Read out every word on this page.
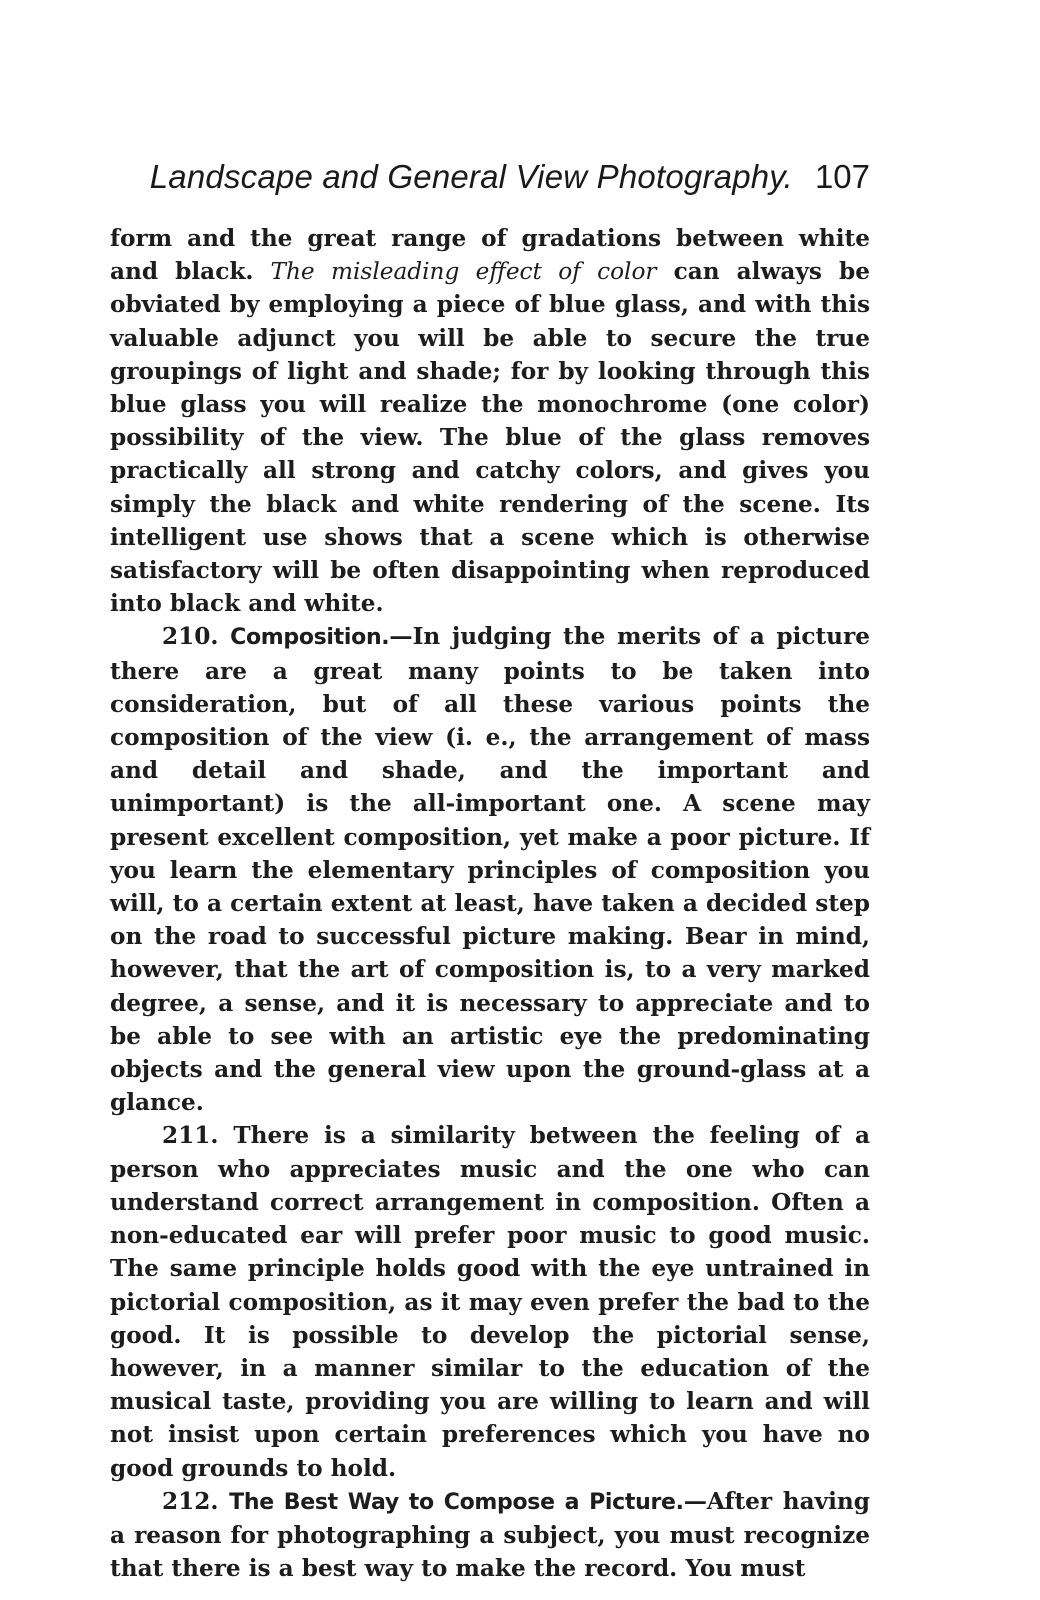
Landscape and General View Photography. 107

form and the great range of gradations between white and black. The misleading effect of color can always be obviated by employing a piece of blue glass, and with this valuable adjunct you will be able to secure the true groupings of light and shade; for by looking through this blue glass you will realize the monochrome (one color) possibility of the view. The blue of the glass removes practically all strong and catchy colors, and gives you simply the black and white rendering of the scene. Its intelligent use shows that a scene which is otherwise satisfactory will be often disappointing when reproduced into black and white.

210. Composition.—In judging the merits of a picture there are a great many points to be taken into consideration, but of all these various points the composition of the view (i. e., the arrangement of mass and detail and shade, and the important and unimportant) is the all-important one. A scene may present excellent composition, yet make a poor picture. If you learn the elementary principles of composition you will, to a certain extent at least, have taken a decided step on the road to successful picture making. Bear in mind, however, that the art of composition is, to a very marked degree, a sense, and it is necessary to appreciate and to be able to see with an artistic eye the predominating objects and the general view upon the ground-glass at a glance.

211. There is a similarity between the feeling of a person who appreciates music and the one who can understand correct arrangement in composition. Often a non-educated ear will prefer poor music to good music. The same principle holds good with the eye untrained in pictorial composition, as it may even prefer the bad to the good. It is possible to develop the pictorial sense, however, in a manner similar to the education of the musical taste, providing you are willing to learn and will not insist upon certain preferences which you have no good grounds to hold.

212. The Best Way to Compose a Picture.—After having a reason for photographing a subject, you must recognize that there is a best way to make the record. You must
